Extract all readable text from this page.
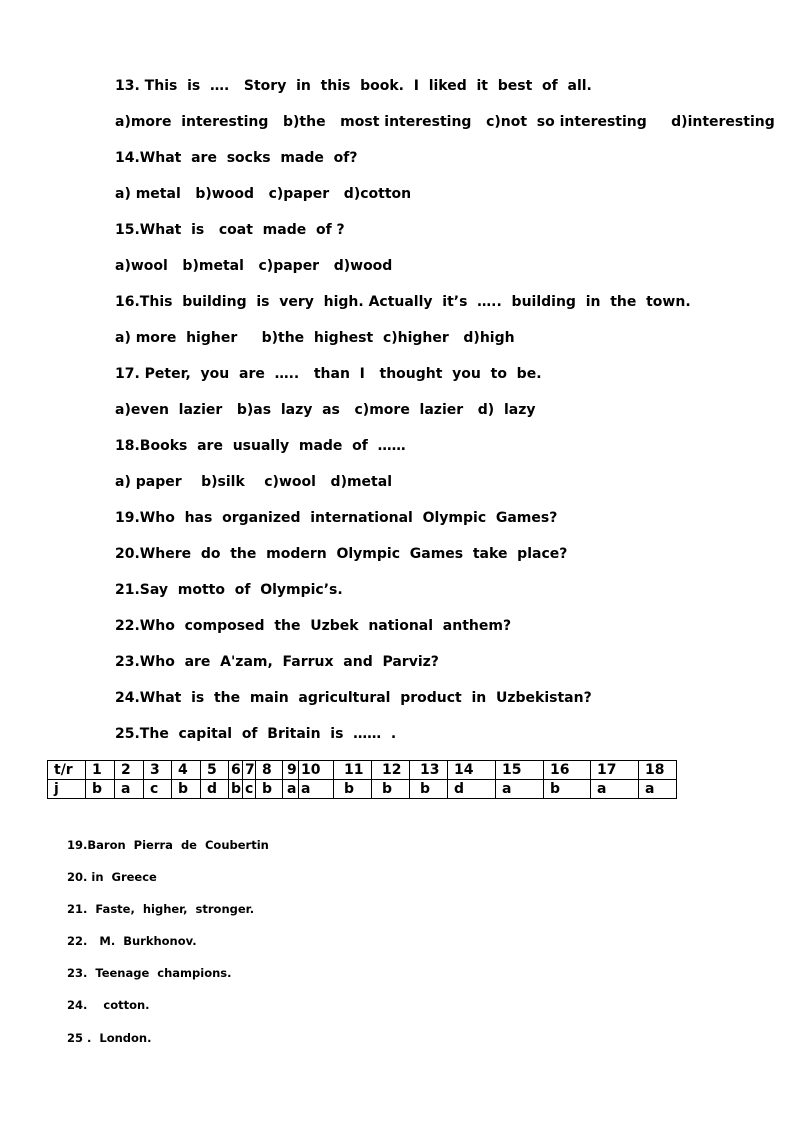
13. This  is  ….   Story  in  this  book.  I  liked  it  best  of  all.
a)more  interesting   b)the   most interesting   c)not  so interesting     d)interesting
14.What  are  socks  made  of?
a) metal   b)wood   c)paper   d)cotton
15.What  is   coat  made  of ?
a)wool   b)metal   c)paper   d)wood
16.This  building  is  very  high. Actually  it’s  …..  building  in  the  town.
a) more  higher     b)the  highest  c)higher   d)high
17. Peter,  you  are  …..   than  I   thought  you  to  be.
a)even  lazier   b)as  lazy  as   c)more  lazier   d)  lazy
18.Books  are  usually  made  of  ……
a) paper    b)silk    c)wool   d)metal
19.Who  has  organized  international  Olympic  Games?
20.Where  do  the  modern  Olympic  Games  take  place?
21.Say  motto  of  Olympic’s.
22.Who  composed  the  Uzbek  national  anthem?
23.Who  are  A'zam,  Farrux  and  Parviz?
24.What  is  the  main  agricultural  product  in  Uzbekistan?
25.The  capital  of  Britain  is  ……  .
t/r	1	2	3	4	5	6	7	8	9	10	11	12	13	14	15	16	17	18
j	b	a	c	b	d	b	c	b	a	a	b	b	b	d	a	b	a	a
19.Baron  Pierra  de  Coubertin
20. in  Greece
21.  Faste,  higher,  stronger.
22.   M.  Burkhonov.
23.  Teenage  champions.
24.    cotton.
25 .  London.
